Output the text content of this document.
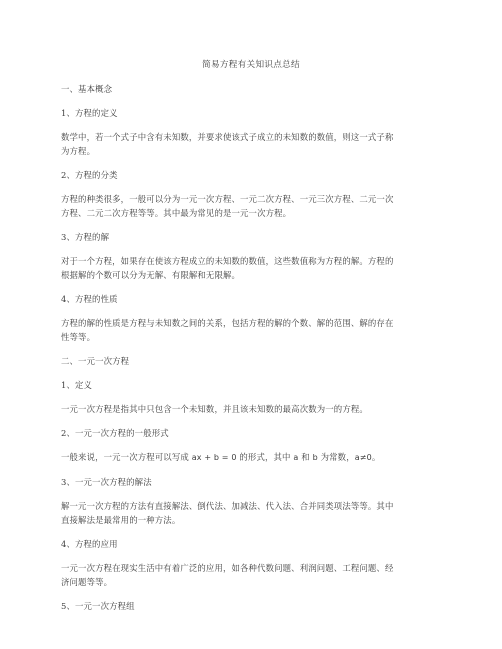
简易方程有关知识点总结
一、基本概念
1、方程的定义
数学中，若一个式子中含有未知数，并要求使该式子成立的未知数的数值，则这一式子称
为方程。
2、方程的分类
方程的种类很多，一般可以分为一元一次方程、一元二次方程、一元三次方程、二元一次
方程、二元二次方程等等。其中最为常见的是一元一次方程。
3、方程的解
对于一个方程，如果存在使该方程成立的未知数的数值，这些数值称为方程的解。方程的
根据解的个数可以分为无解、有限解和无限解。
4、方程的性质
方程的解的性质是方程与未知数之间的关系，包括方程的解的个数、解的范围、解的存在
性等等。
二、一元一次方程
1、定义
一元一次方程是指其中只包含一个未知数，并且该未知数的最高次数为一的方程。
2、一元一次方程的一般形式
一般来说，一元一次方程可以写成 ax + b = 0 的形式，其中 a 和 b 为常数，a≠0。
3、一元一次方程的解法
解一元一次方程的方法有直接解法、倒代法、加减法、代入法、合并同类项法等等。其中
直接解法是最常用的一种方法。
4、方程的应用
一元一次方程在现实生活中有着广泛的应用，如各种代数问题、利润问题、工程问题、经
济问题等等。
5、一元一次方程组
